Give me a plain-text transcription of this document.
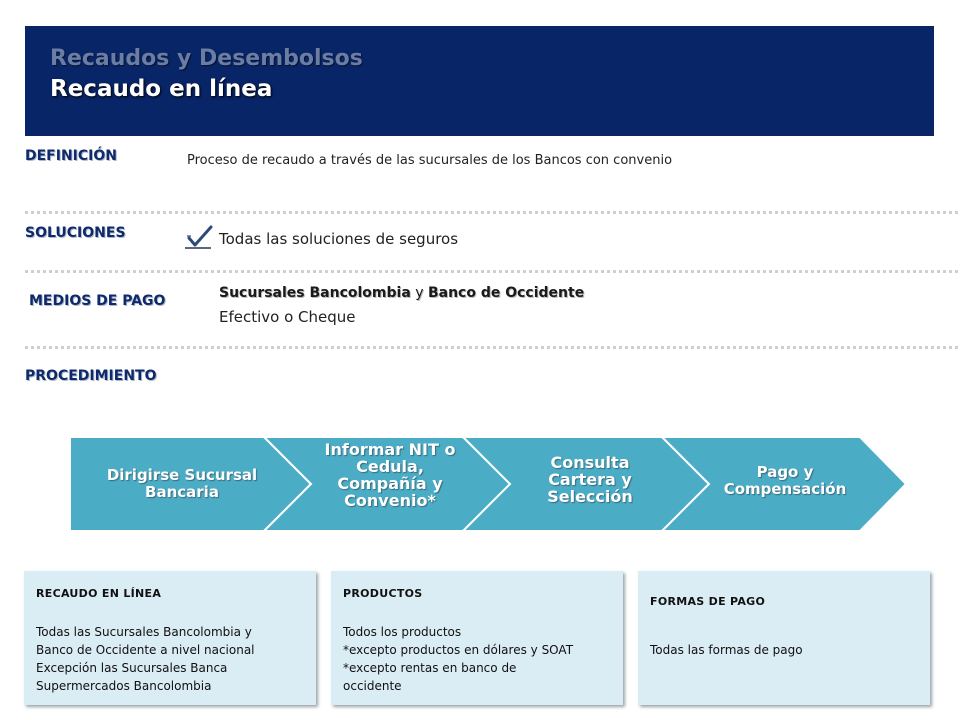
Recaudos y Desembolsos
Recaudo en línea
DEFINICIÓN	Proceso de recaudo a través de las sucursales de los Bancos con convenio
SOLUCIONES	Todas las soluciones de seguros
MEDIOS DE PAGO	Sucursales Bancolombia y Banco de Occidente
Efectivo o Cheque
PROCEDIMIENTO
Dirigirse Sucursal
Bancaria
Informar NIT o
Cedula,
Compañía y
Convenio*
Consulta
Cartera y
Selección
Pago y
Compensación
RECAUDO EN LÍNEA
Todas las Sucursales Bancolombia y
Banco de Occidente a nivel nacional
Excepción las Sucursales Banca
Supermercados Bancolombia
PRODUCTOS
Todos los productos
*excepto productos en dólares y SOAT
*excepto rentas en banco de
occidente
FORMAS DE PAGO
Todas las formas de pago
